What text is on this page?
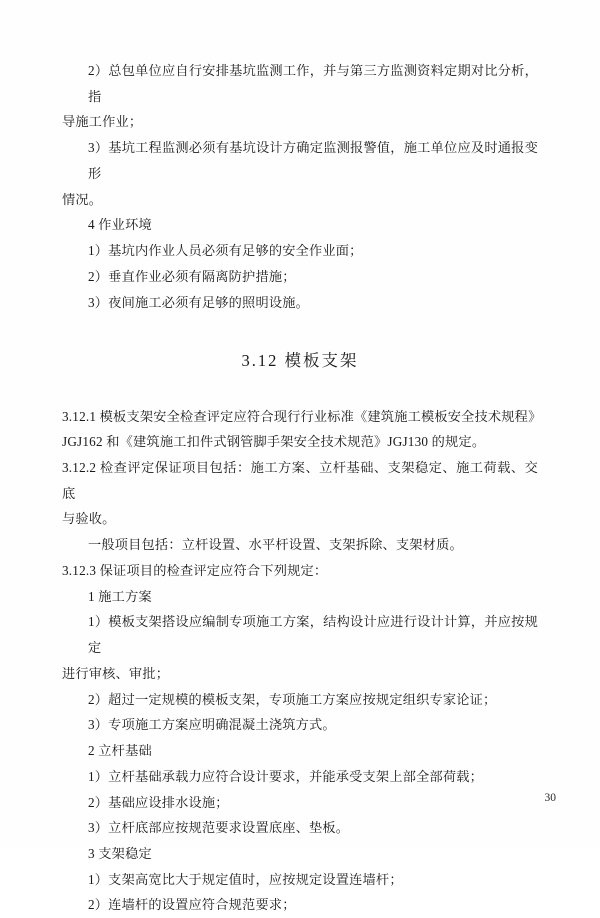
2）总包单位应自行安排基坑监测工作，并与第三方监测资料定期对比分析，指

导施工作业；

3）基坑工程监测必须有基坑设计方确定监测报警值，施工单位应及时通报变形

情况。

4 作业环境

1）基坑内作业人员必须有足够的安全作业面；

2）垂直作业必须有隔离防护措施；

3）夜间施工必须有足够的照明设施。

3.12 模板支架

3.12.1 模板支架安全检查评定应符合现行行业标准《建筑施工模板安全技术规程》

JGJ162 和《建筑施工扣件式钢管脚手架安全技术规范》JGJ130 的规定。

3.12.2 检查评定保证项目包括：施工方案、立杆基础、支架稳定、施工荷载、交底

与验收。

一般项目包括：立杆设置、水平杆设置、支架拆除、支架材质。

3.12.3 保证项目的检查评定应符合下列规定：

1 施工方案

1）模板支架搭设应编制专项施工方案，结构设计应进行设计计算，并应按规定

进行审核、审批；

2）超过一定规模的模板支架，专项施工方案应按规定组织专家论证；

3）专项施工方案应明确混凝土浇筑方式。

2 立杆基础

1）立杆基础承载力应符合设计要求，并能承受支架上部全部荷载；

2）基础应设排水设施；

3）立杆底部应按规范要求设置底座、垫板。

3 支架稳定

1）支架高宽比大于规定值时，应按规定设置连墙杆；

2）连墙杆的设置应符合规范要求；

30
